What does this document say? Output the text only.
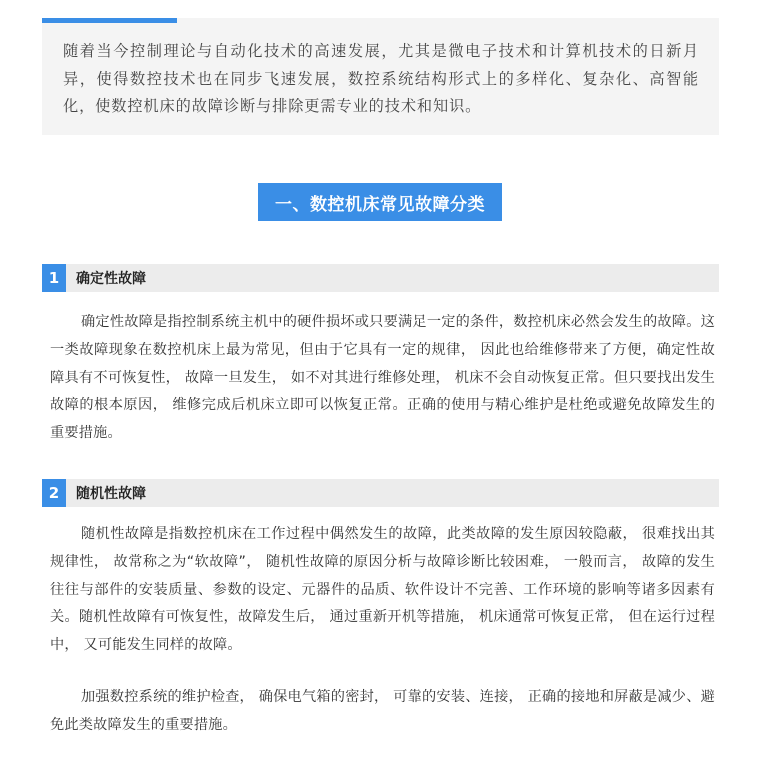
随着当今控制理论与自动化技术的高速发展，尤其是微电子技术和计算机技术的日新月异，使得数控技术也在同步飞速发展，数控系统结构形式上的多样化、复杂化、高智能化，使数控机床的故障诊断与排除更需专业的技术和知识。

一、数控机床常见故障分类
1	确定性故障

确定性故障是指控制系统主机中的硬件损坏或只要满足一定的条件，数控机床必然会发生的故障。这一类故障现象在数控机床上最为常见，但由于它具有一定的规律， 因此也给维修带来了方便，确定性故障具有不可恢复性， 故障一旦发生， 如不对其进行维修处理， 机床不会自动恢复正常。但只要找出发生故障的根本原因， 维修完成后机床立即可以恢复正常。正确的使用与精心维护是杜绝或避免故障发生的重要措施。

2	随机性故障

随机性故障是指数控机床在工作过程中偶然发生的故障，此类故障的发生原因较隐蔽， 很难找出其规律性， 故常称之为“软故障”， 随机性故障的原因分析与故障诊断比较困难， 一般而言， 故障的发生往往与部件的安装质量、参数的设定、元器件的品质、软件设计不完善、工作环境的影响等诸多因素有关。随机性故障有可恢复性，故障发生后， 通过重新开机等措施， 机床通常可恢复正常， 但在运行过程中， 又可能发生同样的故障。

加强数控系统的维护检查， 确保电气箱的密封， 可靠的安装、连接， 正确的接地和屏蔽是减少、避免此类故障发生的重要措施。
